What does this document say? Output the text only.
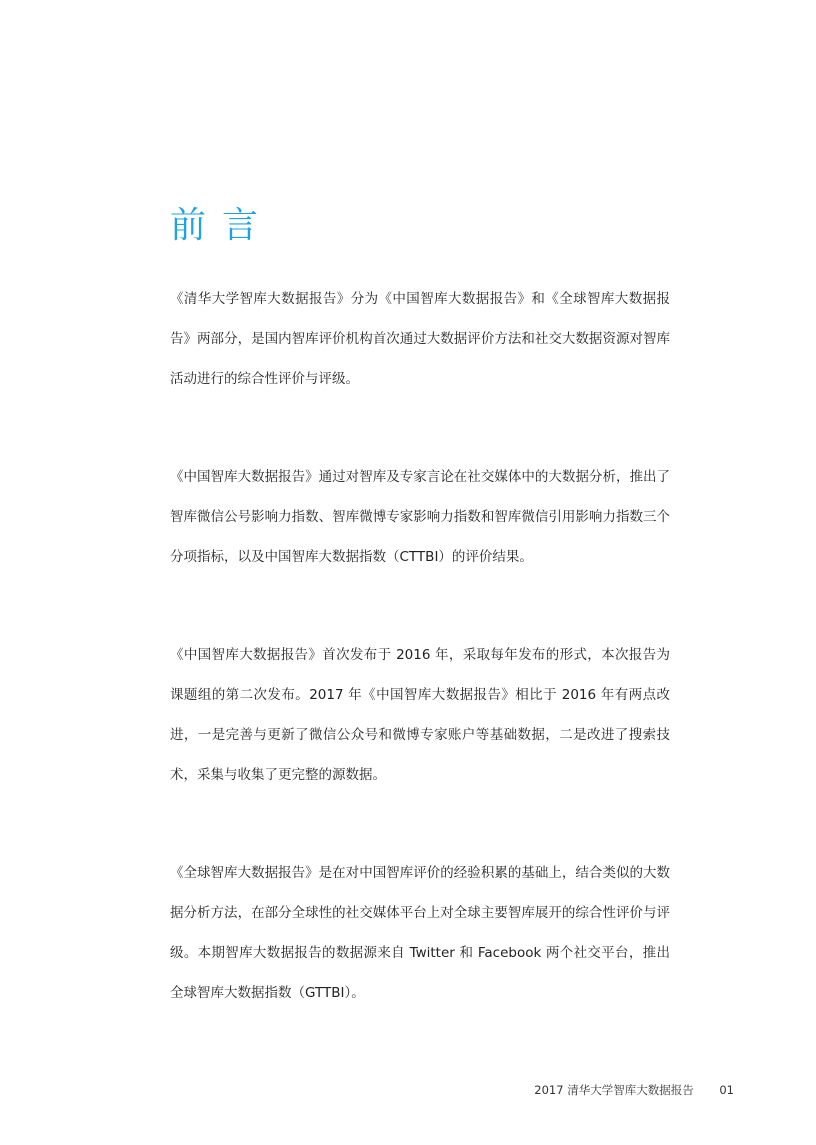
前言

《清华大学智库大数据报告》分为《中国智库大数据报告》和《全球智库大数据报告》两部分，是国内智库评价机构首次通过大数据评价方法和社交大数据资源对智库活动进行的综合性评价与评级。

《中国智库大数据报告》通过对智库及专家言论在社交媒体中的大数据分析，推出了智库微信公号影响力指数、智库微博专家影响力指数和智库微信引用影响力指数三个分项指标，以及中国智库大数据指数（CTTBI）的评价结果。

《中国智库大数据报告》首次发布于 2016 年，采取每年发布的形式，本次报告为课题组的第二次发布。2017 年《中国智库大数据报告》相比于 2016 年有两点改进，一是完善与更新了微信公众号和微博专家账户等基础数据，二是改进了搜索技术，采集与收集了更完整的源数据。

《全球智库大数据报告》是在对中国智库评价的经验积累的基础上，结合类似的大数据分析方法，在部分全球性的社交媒体平台上对全球主要智库展开的综合性评价与评级。本期智库大数据报告的数据源来自 Twitter 和 Facebook 两个社交平台，推出全球智库大数据指数（GTTBI）。

2017 清华大学智库大数据报告 01
